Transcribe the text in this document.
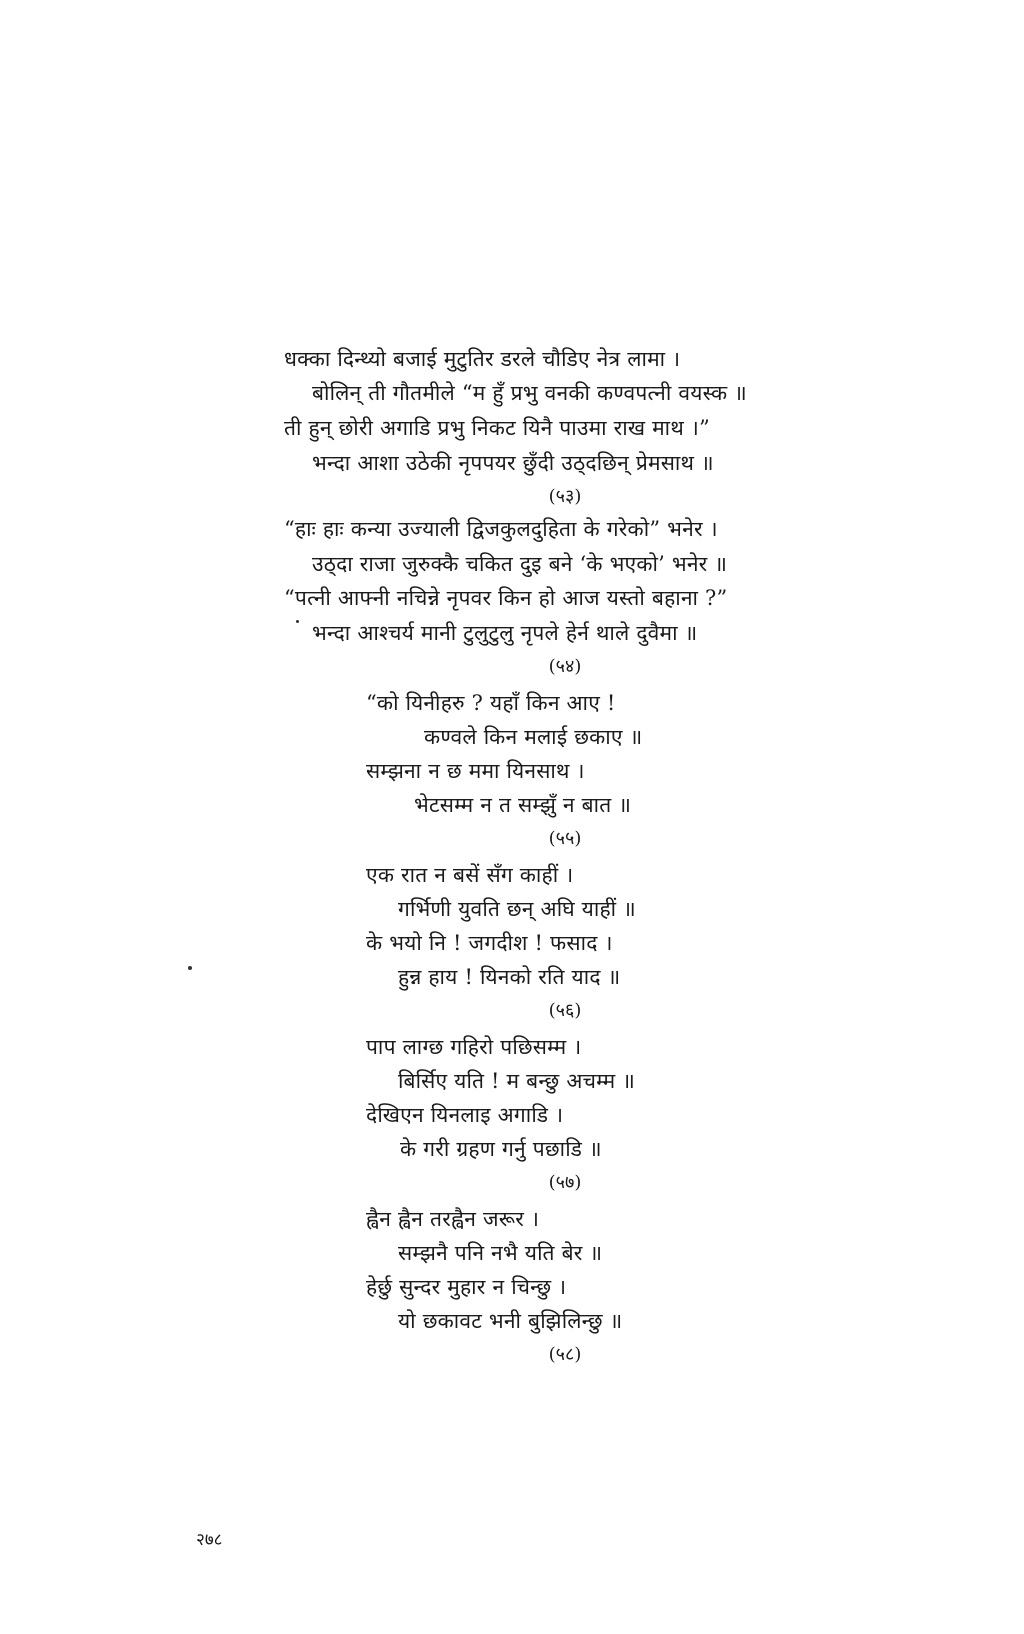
धक्का दिन्थ्यो बजाई मुटुतिर डरले चौडिए नेत्र लामा ।
बोलिन् ती गौतमीले “म हुँ प्रभु वनकी कण्वपत्नी वयस्क ॥
ती हुन् छोरी अगाडि प्रभु निकट यिनै पाउमा राख माथ ।”
भन्दा आशा उठेकी नृपपयर छुँदी उठ्दछिन् प्रेमसाथ ॥
(५३)
“हाः हाः कन्या उज्याली द्विजकुलदुहिता के गरेको” भनेर ।
उठ्दा राजा जुरुक्कै चकित दुइ बने ‘के भएको’ भनेर ॥
“पत्नी आफ्नी नचिन्ने नृपवर किन हो आज यस्तो बहाना ?”
भन्दा आश्चर्य मानी टुलुटुलु नृपले हेर्न थाले दुवैमा ॥
(५४)
“को यिनीहरु ? यहाँ किन आए !
कण्वले किन मलाई छकाए ॥
सम्झना न छ ममा यिनसाथ ।
भेटसम्म न त सम्झुँ न बात ॥
(५५)
एक रात न बसें सँग काहीं ।
गर्भिणी युवति छन् अघि याहीं ॥
के भयो नि ! जगदीश ! फसाद ।
हुन्न हाय ! यिनको रति याद ॥
(५६)
पाप लाग्छ गहिरो पछिसम्म ।
बिर्सिए यति ! म बन्छु अचम्म ॥
देखिएन यिनलाइ अगाडि ।
के गरी ग्रहण गर्नु पछाडि ॥
(५७)
ह्वैन ह्वैन तरह्वैन जरूर ।
सम्झनै पनि नभै यति बेर ॥
हेर्छु सुन्दर मुहार न चिन्छु ।
यो छकावट भनी बुझिलिन्छु ॥
(५८)
२७८
